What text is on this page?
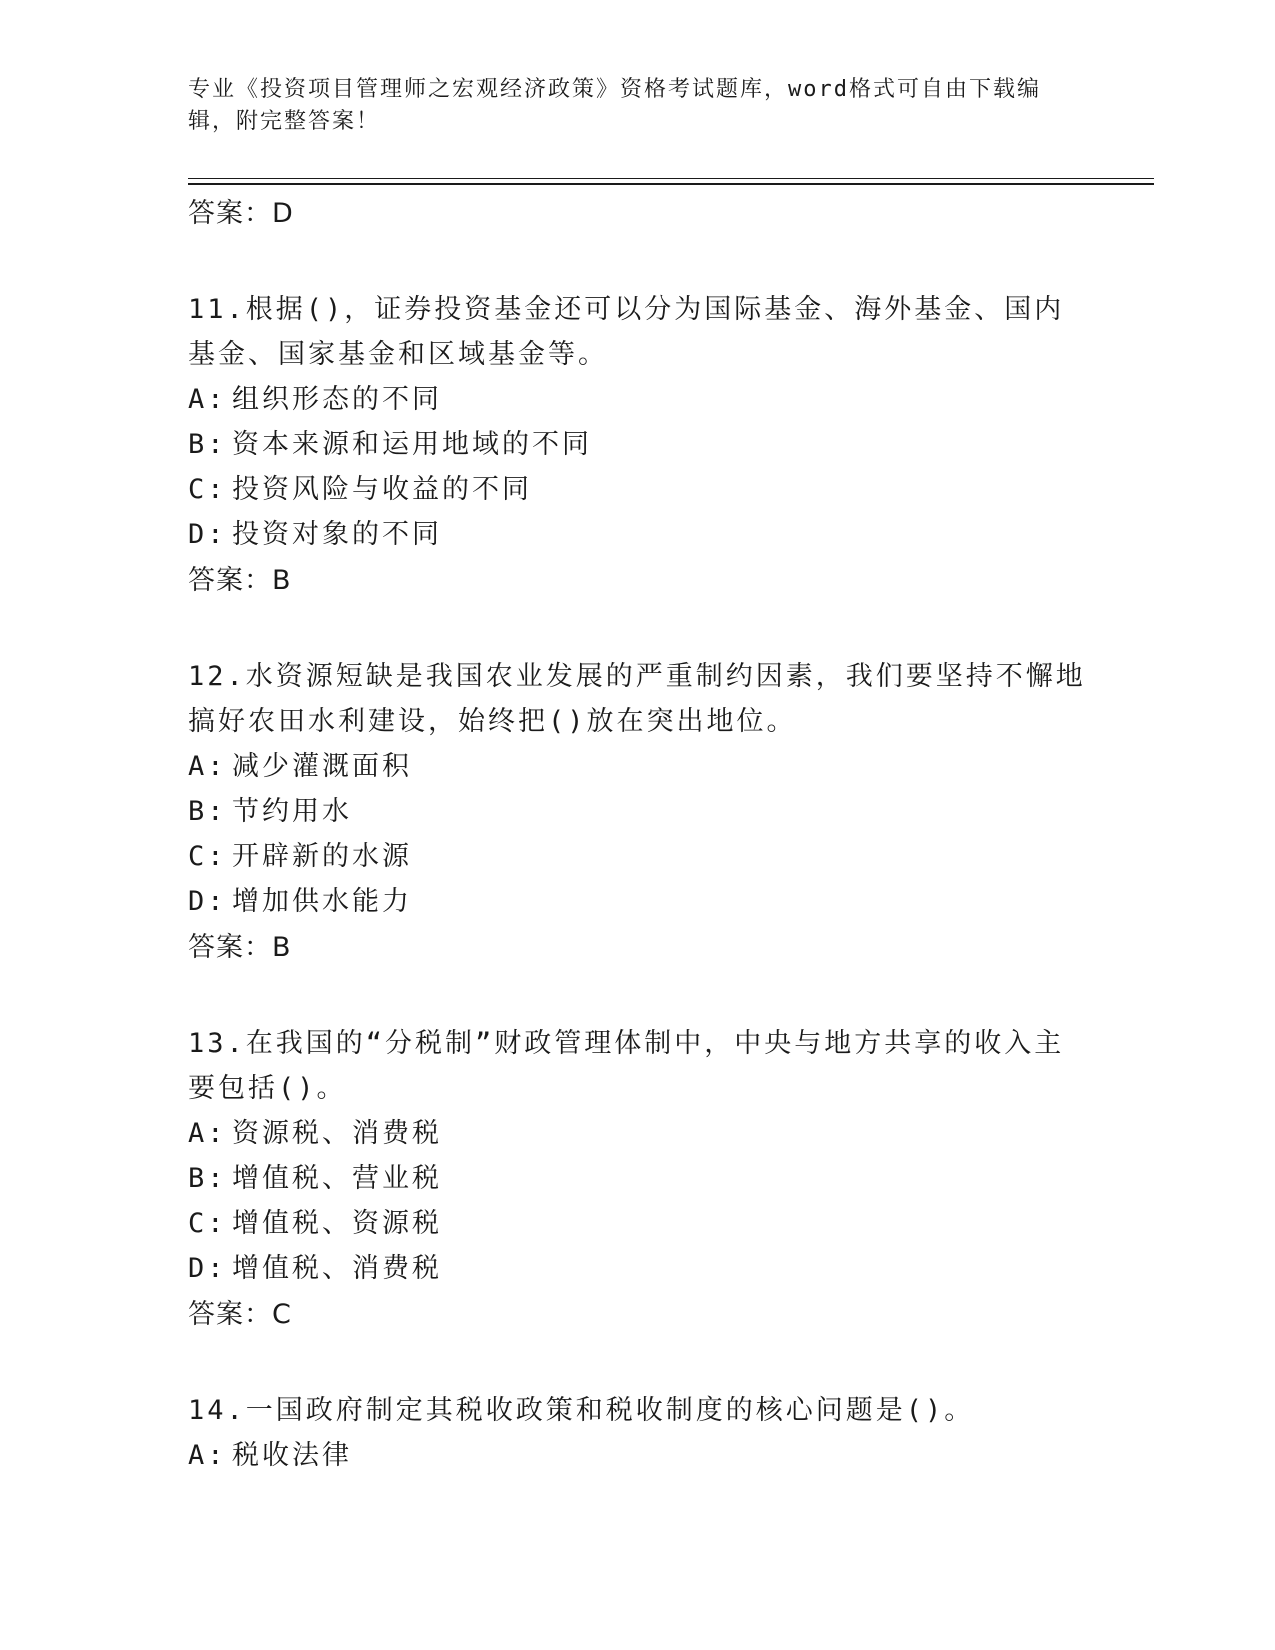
专业《投资项目管理师之宏观经济政策》资格考试题库，word格式可自由下载编辑，附完整答案！
答案：D
11.根据()，证券投资基金还可以分为国际基金、海外基金、国内基金、国家基金和区域基金等。
A: 组织形态的不同
B: 资本来源和运用地域的不同
C: 投资风险与收益的不同
D: 投资对象的不同
答案：B
12.水资源短缺是我国农业发展的严重制约因素，我们要坚持不懈地搞好农田水利建设，始终把()放在突出地位。
A: 减少灌溉面积
B: 节约用水
C: 开辟新的水源
D: 增加供水能力
答案：B
13.在我国的“分税制”财政管理体制中，中央与地方共享的收入主要包括()。
A: 资源税、消费税
B: 增值税、营业税
C: 增值税、资源税
D: 增值税、消费税
答案：C
14.一国政府制定其税收政策和税收制度的核心问题是()。
A: 税收法律
